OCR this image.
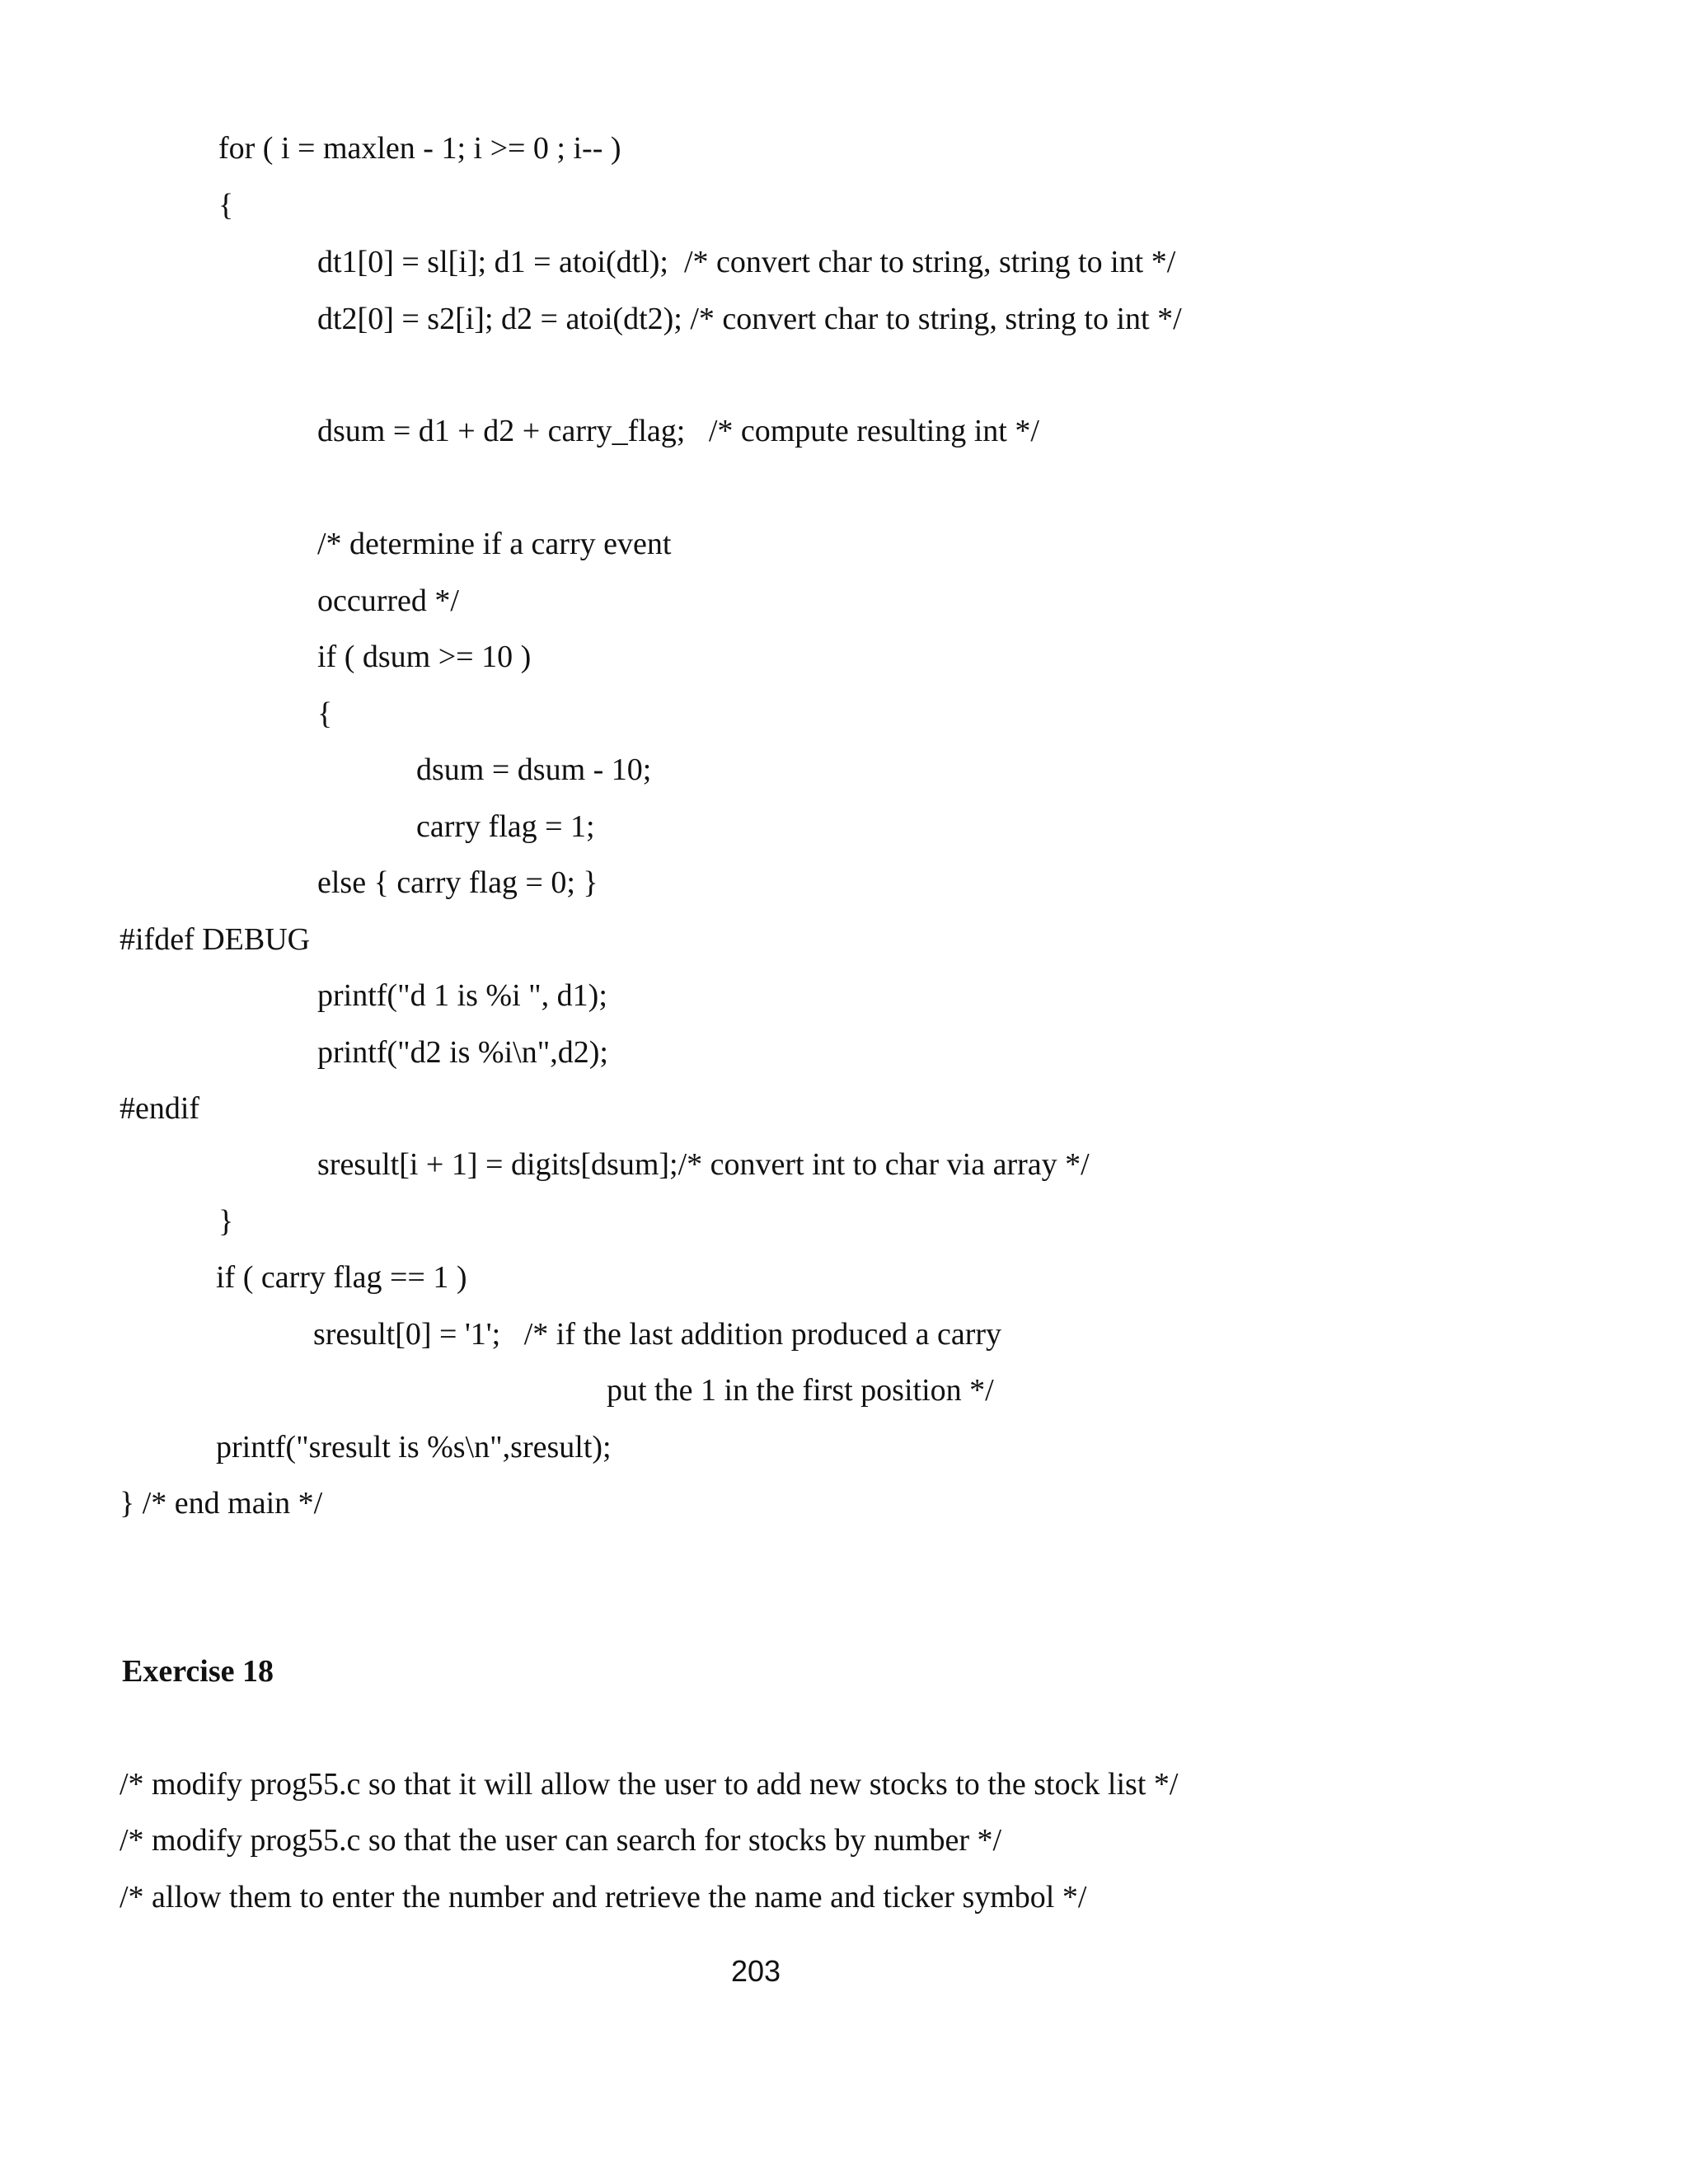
for ( i = maxlen - 1; i >= 0 ; i-- )
{
dt1[0] = sl[i]; d1 = atoi(dtl);  /* convert char to string, string to int */
dt2[0] = s2[i]; d2 = atoi(dt2); /* convert char to string, string to int */
dsum = d1 + d2 + carry_flag;   /* compute resulting int */
/* determine if a carry event
occurred */
if ( dsum >= 10 )
{
dsum = dsum - 10;
carry flag = 1;
else { carry flag = 0; }
#ifdef DEBUG
printf("d 1 is %i ", d1);
printf("d2 is %i\n",d2);
#endif
sresult[i + 1] = digits[dsum];/* convert int to char via array */
}
if ( carry flag == 1 )
sresult[0] = '1';   /* if the last addition produced a carry
put the 1 in the first position */
printf("sresult is %s\n",sresult);
} /* end main */
Exercise 18
/* modify prog55.c so that it will allow the user to add new stocks to the stock list */
/* modify prog55.c so that the user can search for stocks by number */
/* allow them to enter the number and retrieve the name and ticker symbol */
203
